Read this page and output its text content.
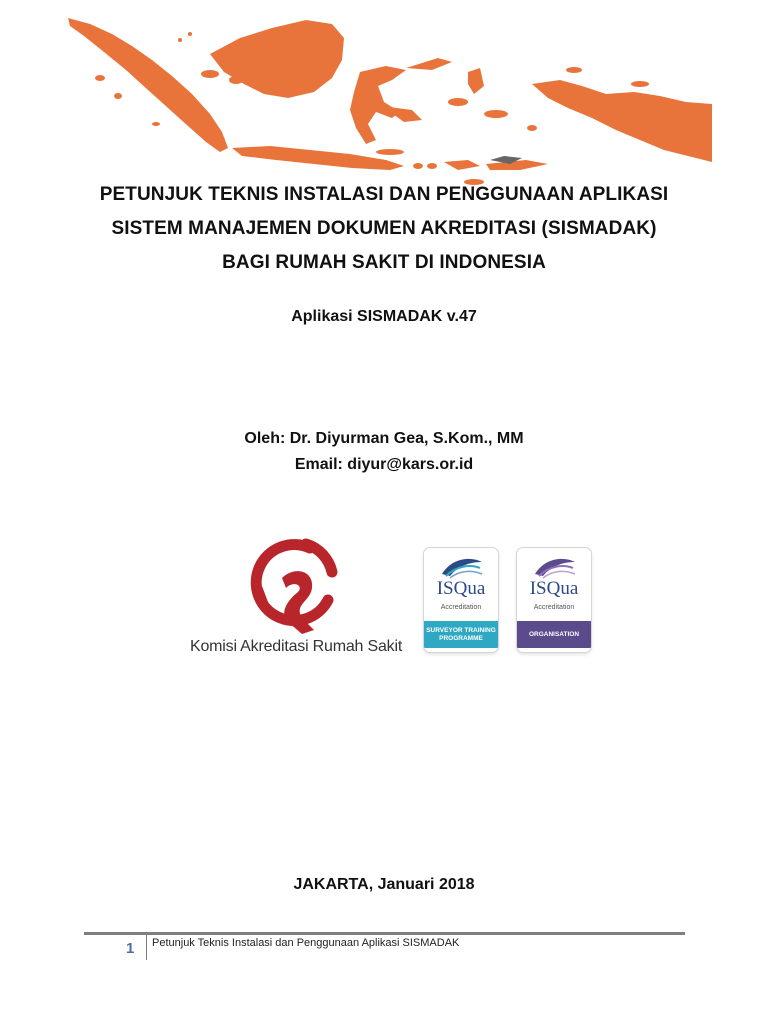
PETUNJUK TEKNIS INSTALASI DAN PENGGUNAAN APLIKASI
SISTEM MANAJEMEN DOKUMEN AKREDITASI (SISMADAK)
BAGI RUMAH SAKIT DI INDONESIA
Aplikasi SISMADAK v.47
Oleh: Dr. Diyurman Gea, S.Kom., MM
Email: diyur@kars.or.id
Komisi Akreditasi Rumah Sakit
ISQua
Accreditation
SURVEYOR TRAINING
PROGRAMME
ISQua
Accreditation
ORGANISATION
JAKARTA, Januari 2018
1 Petunjuk Teknis Instalasi dan Penggunaan Aplikasi SISMADAK
